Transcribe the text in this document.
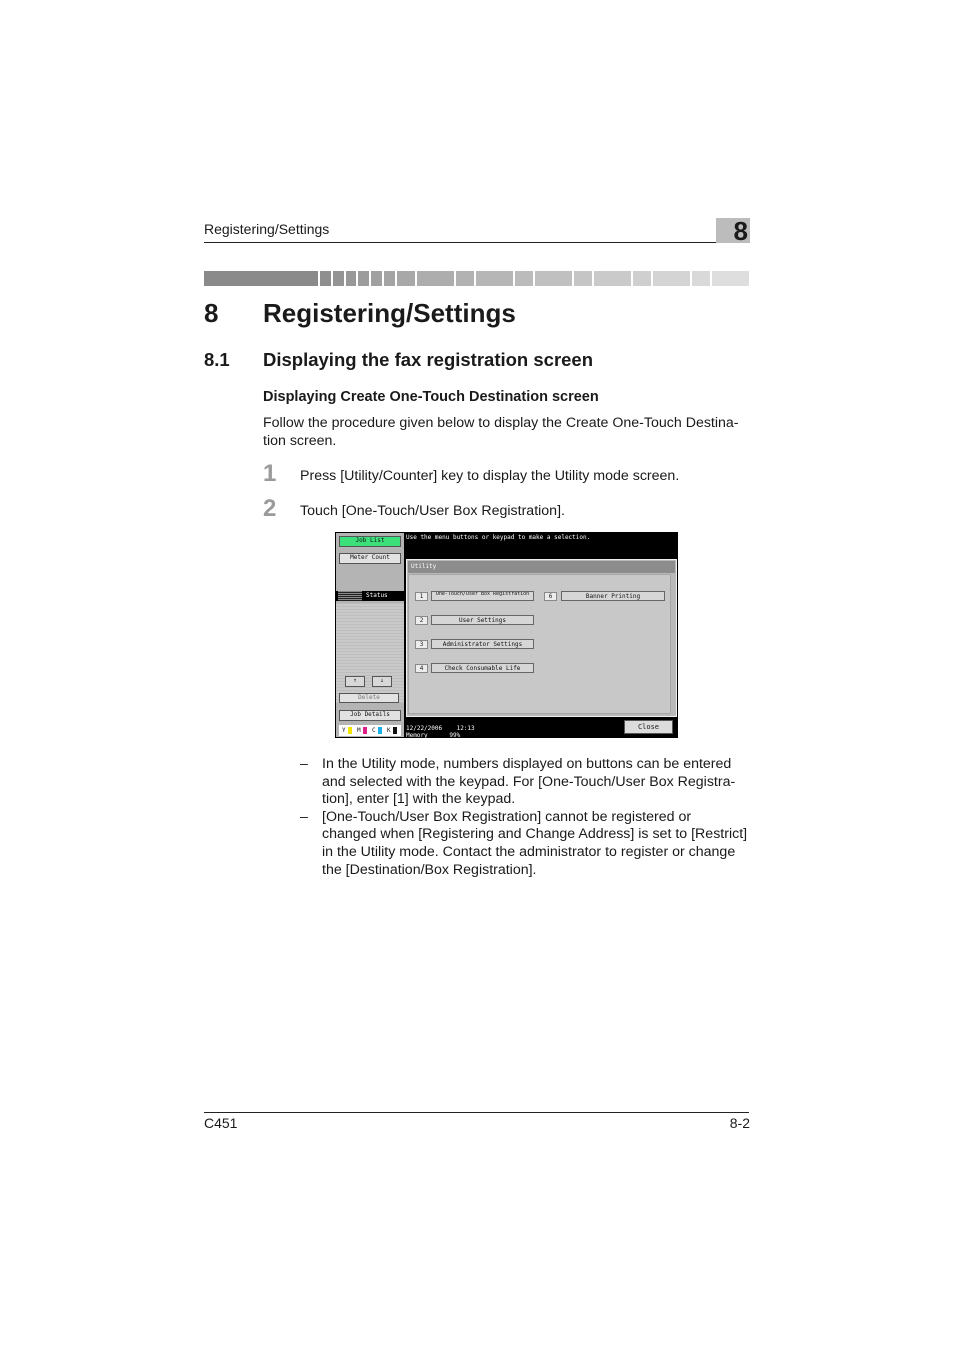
Registering/Settings	8
8 Registering/Settings
8.1 Displaying the fax registration screen
Displaying Create One-Touch Destination screen
Follow the procedure given below to display the Create One-Touch Destina-
tion screen.
1 Press [Utility/Counter] key to display the Utility mode screen.
2 Touch [One-Touch/User Box Registration].
Job List
Meter Count
Status
↑	↓
Delete
Job Details
Y M C K
Use the menu buttons or keypad to make a selection.
Utility
1	One-Touch/User Box Registration
2	User Settings
3	Administrator Settings
4	Check Consumable Life
6	Banner Printing
12/22/2006 12:13
Memory	99%
Close
– In the Utility mode, numbers displayed on buttons can be entered
and selected with the keypad. For [One-Touch/User Box Registra-
tion], enter [1] with the keypad.
– [One-Touch/User Box Registration] cannot be registered or
changed when [Registering and Change Address] is set to [Restrict]
in the Utility mode. Contact the administrator to register or change
the [Destination/Box Registration].
C451	8-2
